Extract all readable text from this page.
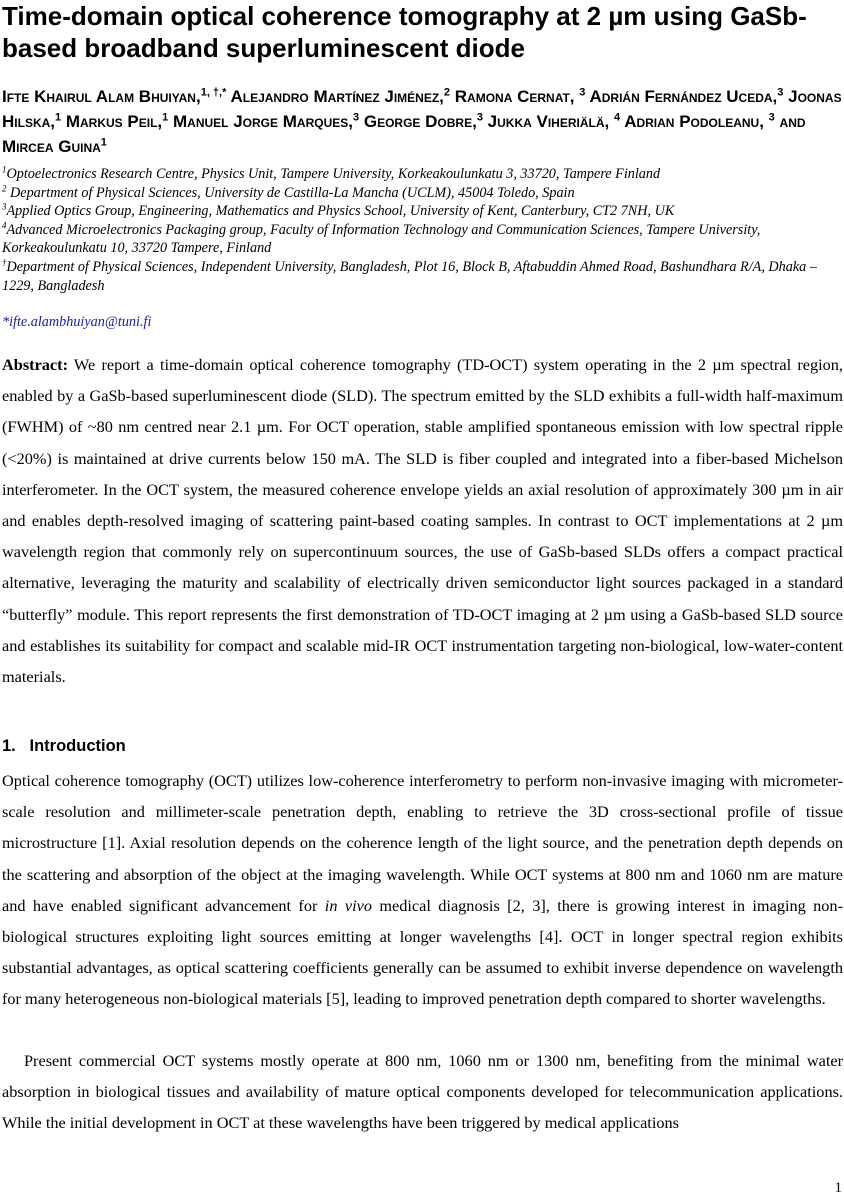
Time-domain optical coherence tomography at 2 µm using GaSb-based broadband superluminescent diode

Ifte Khairul Alam Bhuiyan,$^{1, \dagger,*}$ Alejandro Martínez Jiménez,$^2$ Ramona Cernat, $^3$ Adrián Fernández Uceda,$^3$ Joonas Hilska,$^1$ Markus Peil,$^1$ Manuel Jorge Marques,$^3$ George Dobre,$^3$ Jukka Viheriälä, $^4$ Adrian Podoleanu, $^3$ and Mircea Guina$^1$

$^1$Optoelectronics Research Centre, Physics Unit, Tampere University, Korkeakoulunkatu 3, 33720, Tampere Finland

$^2$ Department of Physical Sciences, University de Castilla-La Mancha (UCLM), 45004 Toledo, Spain

$^3$Applied Optics Group, Engineering, Mathematics and Physics School, University of Kent, Canterbury, CT2 7NH, UK

$^4$Advanced Microelectronics Packaging group, Faculty of Information Technology and Communication Sciences, Tampere University, Korkeakoulunkatu 10, 33720 Tampere, Finland

†Department of Physical Sciences, Independent University, Bangladesh, Plot 16, Block B, Aftabuddin Ahmed Road, Bashundhara R/A, Dhaka – 1229, Bangladesh

*ifte.alambhuiyan@tuni.fi

Abstract: We report a time-domain optical coherence tomography (TD-OCT) system operating in the 2 µm spectral region, enabled by a GaSb-based superluminescent diode (SLD). The spectrum emitted by the SLD exhibits a full-width half-maximum (FWHM) of ~80 nm centred near 2.1 µm. For OCT operation, stable amplified spontaneous emission with low spectral ripple (<20%) is maintained at drive currents below 150 mA. The SLD is fiber coupled and integrated into a fiber-based Michelson interferometer. In the OCT system, the measured coherence envelope yields an axial resolution of approximately 300 µm in air and enables depth-resolved imaging of scattering paint-based coating samples. In contrast to OCT implementations at 2 µm wavelength region that commonly rely on supercontinuum sources, the use of GaSb-based SLDs offers a compact practical alternative, leveraging the maturity and scalability of electrically driven semiconductor light sources packaged in a standard “butterfly” module. This report represents the first demonstration of TD-OCT imaging at 2 µm using a GaSb-based SLD source and establishes its suitability for compact and scalable mid-IR OCT instrumentation targeting non-biological, low-water-content materials.

1.   Introduction

Optical coherence tomography (OCT) utilizes low-coherence interferometry to perform non-invasive imaging with micrometer-scale resolution and millimeter-scale penetration depth, enabling to retrieve the 3D cross-sectional profile of tissue microstructure [1]. Axial resolution depends on the coherence length of the light source, and the penetration depth depends on the scattering and absorption of the object at the imaging wavelength. While OCT systems at 800 nm and 1060 nm are mature and have enabled significant advancement for in vivo medical diagnosis [2, 3], there is growing interest in imaging non-biological structures exploiting light sources emitting at longer wavelengths [4]. OCT in longer spectral region exhibits substantial advantages, as optical scattering coefficients generally can be assumed to exhibit inverse dependence on wavelength for many heterogeneous non-biological materials [5], leading to improved penetration depth compared to shorter wavelengths.

Present commercial OCT systems mostly operate at 800 nm, 1060 nm or 1300 nm, benefiting from the minimal water absorption in biological tissues and availability of mature optical components developed for telecommunication applications. While the initial development in OCT at these wavelengths have been triggered by medical applications

1
